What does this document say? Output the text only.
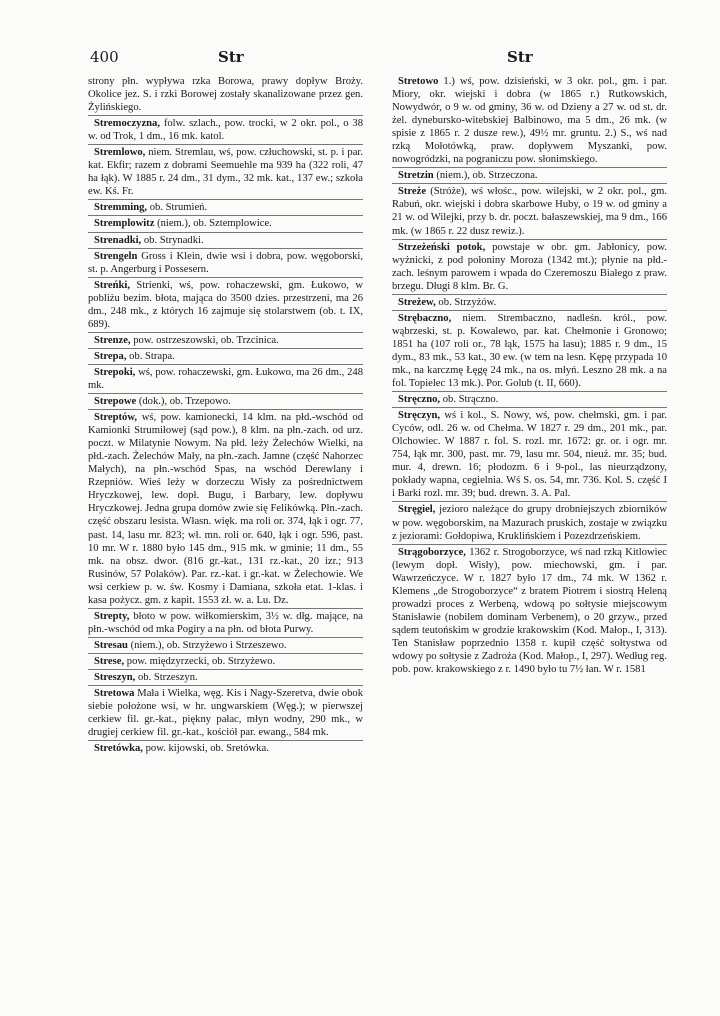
400	Str	Str

strony płn. wypływa rzka Borowa, prawy dopływ Broży. Okolice jez. S. i rzki Borowej zostały skanalizowane przez gen. Żylińskiego.

Stremoczyzna, folw. szlach., pow. trocki, w 2 okr. pol., o 38 w. od Trok, 1 dm., 16 mk. katol.

Stremlowo, niem. Stremlau, wś, pow. człuchowski, st. p. i par. kat. Ekfir; razem z dobrami Seemuehle ma 939 ha (322 roli, 47 ha łąk). W 1885 r. 24 dm., 31 dym., 32 mk. kat., 137 ew.; szkoła ew. Kś. Fr.

Stremming, ob. Strumień.

Stremplowitz (niem.), ob. Sztemplowice.

Strenadki, ob. Strynadki.

Strengeln Gross i Klein, dwie wsi i dobra, pow. węgoborski, st. p. Angerburg i Possesern.

Streńki, Strienki, wś, pow. rohaczewski, gm. Łukowo, w pobliżu bezim. błota, mająca do 3500 dzies. przestrzeni, ma 26 dm., 248 mk., z których 16 zajmuje się stolarstwem (ob. t. IX, 689).

Strenze, pow. ostrzeszowski, ob. Trzcinica.

Strepa, ob. Strapa.

Strepoki, wś, pow. rohaczewski, gm. Łukowo, ma 26 dm., 248 mk.

Strepowe (dok.), ob. Trzepowo.

Streptów, wś, pow. kamionecki, 14 klm. na płd.-wschód od Kamionki Strumiłowej (sąd pow.), 8 klm. na płn.-zach. od urz. poczt. w Milatynie Nowym. Na płd. leży Żelechów Wielki, na płd.-zach. Żelechów Mały, na płn.-zach. Jamne (część Nahorzec Małych), na płn.-wschód Spas, na wschód Derewlany i Rzepniów. Wieś leży w dorzeczu Wisły za pośrednictwem Hryczkowej, lew. dopł. Bugu, i Barbary, lew. dopływu Hryczkowej. Jedna grupa domów zwie się Felikówką. Płn.-zach. część obszaru lesista. Własn. więk. ma roli or. 374, łąk i ogr. 77, past. 14, lasu mr. 823; wł. mn. roli or. 640, łąk i ogr. 596, past. 10 mr. W r. 1880 było 145 dm., 915 mk. w gminie; 11 dm., 55 mk. na obsz. dwor. (816 gr.-kat., 131 rz.-kat., 20 izr.; 913 Rusinów, 57 Polaków). Par. rz.-kat. i gr.-kat. w Żelechowie. We wsi cerkiew p. w. św. Kosmy i Damiana, szkoła etat. 1-klas. i kasa pożycz. gm. z kapit. 1553 zł. w. a. Lu. Dz.

Strepty, błoto w pow. wiłkomierskim, 3½ w. dłg. mające, na płn.-wschód od mka Pogiry a na płn. od błota Purwy.

Stresau (niem.), ob. Strzyżewo i Strzeszewo.

Strese, pow. międzyrzecki, ob. Strzyżewo.

Streszyn, ob. Strzeszyn.

Stretowa Mała i Wielka, węg. Kis i Nagy-Szeretva, dwie obok siebie położone wsi, w hr. ungwarskiem (Węg.); w pierwszej cerkiew fil. gr.-kat., piękny pałac, młyn wodny, 290 mk., w drugiej cerkiew fil. gr.-kat., kościół par. ewang., 584 mk.

Stretówka, pow. kijowski, ob. Sretówka.

Stretowo 1.) wś, pow. dzisieński, w 3 okr. pol., gm. i par. Miory, okr. wiejski i dobra (w 1865 r.) Rutkowskich, Nowydwór, o 9 w. od gminy, 36 w. od Dzieny a 27 w. od st. dr. żel. dynebursko-witebskiej Balbinowo, ma 5 dm., 26 mk. (w spisie z 1865 r. 2 dusze rew.), 49½ mr. gruntu. 2.) S., wś nad rzką Mołotówką, praw. dopływem Myszanki, pow. nowogródzki, na pograniczu pow. słonimskiego.

Stretzin (niem.), ob. Strzeczona.

Streże (Stróże), wś włośc., pow. wilejski, w 2 okr. pol., gm. Rabuń, okr. wiejski i dobra skarbowe Huby, o 19 w. od gminy a 21 w. od Wilejki, przy b. dr. poczt. bałaszewskiej, ma 9 dm., 166 mk. (w 1865 r. 22 dusz rewiz.).

Strzeżeński potok, powstaje w obr. gm. Jabłonicy, pow. wyżnicki, z pod połoniny Moroza (1342 mt.); płynie na płd.-zach. leśnym parowem i wpada do Czeremoszu Białego z praw. brzegu. Długi 8 klm. Br. G.

Streżew, ob. Strzyżów.

Strębaczno, niem. Strembaczno, nadleśn. król., pow. wąbrzeski, st. p. Kowalewo, par. kat. Chełmonie i Gronowo; 1851 ha (107 roli or., 78 łąk, 1575 ha lasu); 1885 r. 9 dm., 15 dym., 83 mk., 53 kat., 30 ew. (w tem na lesn. Kępę przypada 10 mk., na karczmę Łęgę 24 mk., na os. młyń. Leszno 28 mk. a na fol. Topielec 13 mk.). Por. Golub (t. II, 660).

Stręczno, ob. Strączno.

Stręczyn, wś i kol., S. Nowy, wś, pow. chełmski, gm. i par. Cyców, odl. 26 w. od Chełma. W 1827 r. 29 dm., 201 mk., par. Olchowiec. W 1887 r. fol. S. rozl. mr. 1672: gr. or. i ogr. mr. 754, łąk mr. 300, past. mr. 79, lasu mr. 504, nieuż. mr. 35; bud. mur. 4, drewn. 16; płodozm. 6 i 9-pol., las nieurządzony, pokłady wapna, cegielnia. Wś S. os. 54, mr. 736. Kol. S. część I i Barki rozl. mr. 39; bud. drewn. 3. A. Pal.

Stręgiel, jezioro należące do grupy drobniejszych zbiorników w pow. węgoborskim, na Mazurach pruskich, zostaje w związku z jeziorami: Gołdopiwa, Kruklińskiem i Pozezdrzeńskiem.

Strągoborzyce, 1362 r. Strogoborzyce, wś nad rzką Kitlowiec (lewym dopł. Wisły), pow. miechowski, gm. i par. Wawrzeńczyce. W r. 1827 było 17 dm., 74 mk. W 1362 r. Klemens „de Strogoborzyce“ z bratem Piotrem i siostrą Heleną prowadzi proces z Werbeną, wdową po sołtysie miejscowym Stanisławie (nobilem dominam Verbenem), o 20 grzyw., przed sądem teutońskim w grodzie krakowskim (Kod. Małop., I, 313). Ten Stanisław poprzednio 1358 r. kupił część sołtystwa od wdowy po sołtysie z Zadroża (Kod. Małop., I, 297). Według reg. pob. pow. krakowskiego z r. 1490 było tu 7½ łan. W r. 1581
